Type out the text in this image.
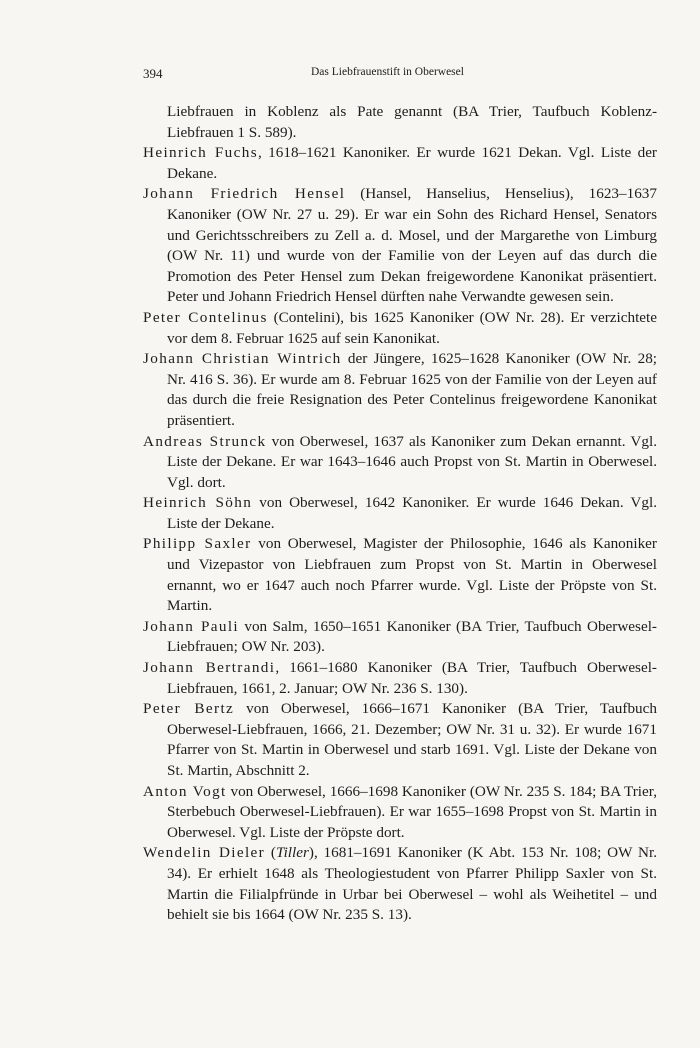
394	Das Liebfrauenstift in Oberwesel

Liebfrauen in Koblenz als Pate genannt (BA Trier, Taufbuch Koblenz-Liebfrauen 1 S. 589).

Heinrich Fuchs, 1618–1621 Kanoniker. Er wurde 1621 Dekan. Vgl. Liste der Dekane.

Johann Friedrich Hensel (Hansel, Hanselius, Henselius), 1623–1637 Kanoniker (OW Nr. 27 u. 29). Er war ein Sohn des Richard Hensel, Senators und Gerichtsschreibers zu Zell a. d. Mosel, und der Margarethe von Limburg (OW Nr. 11) und wurde von der Familie von der Leyen auf das durch die Promotion des Peter Hensel zum Dekan freigewordene Kanonikat präsentiert. Peter und Johann Friedrich Hensel dürften nahe Verwandte gewesen sein.

Peter Contelinus (Contelini), bis 1625 Kanoniker (OW Nr. 28). Er verzichtete vor dem 8. Februar 1625 auf sein Kanonikat.

Johann Christian Wintrich der Jüngere, 1625–1628 Kanoniker (OW Nr. 28; Nr. 416 S. 36). Er wurde am 8. Februar 1625 von der Familie von der Leyen auf das durch die freie Resignation des Peter Contelinus freigewordene Kanonikat präsentiert.

Andreas Strunck von Oberwesel, 1637 als Kanoniker zum Dekan ernannt. Vgl. Liste der Dekane. Er war 1643–1646 auch Propst von St. Martin in Oberwesel. Vgl. dort.

Heinrich Söhn von Oberwesel, 1642 Kanoniker. Er wurde 1646 Dekan. Vgl. Liste der Dekane.

Philipp Saxler von Oberwesel, Magister der Philosophie, 1646 als Kanoniker und Vizepastor von Liebfrauen zum Propst von St. Martin in Oberwesel ernannt, wo er 1647 auch noch Pfarrer wurde. Vgl. Liste der Pröpste von St. Martin.

Johann Pauli von Salm, 1650–1651 Kanoniker (BA Trier, Taufbuch Oberwesel-Liebfrauen; OW Nr. 203).

Johann Bertrandi, 1661–1680 Kanoniker (BA Trier, Taufbuch Oberwesel-Liebfrauen, 1661, 2. Januar; OW Nr. 236 S. 130).

Peter Bertz von Oberwesel, 1666–1671 Kanoniker (BA Trier, Taufbuch Oberwesel-Liebfrauen, 1666, 21. Dezember; OW Nr. 31 u. 32). Er wurde 1671 Pfarrer von St. Martin in Oberwesel und starb 1691. Vgl. Liste der Dekane von St. Martin, Abschnitt 2.

Anton Vogt von Oberwesel, 1666–1698 Kanoniker (OW Nr. 235 S. 184; BA Trier, Sterbebuch Oberwesel-Liebfrauen). Er war 1655–1698 Propst von St. Martin in Oberwesel. Vgl. Liste der Pröpste dort.

Wendelin Dieler (Tiller), 1681–1691 Kanoniker (K Abt. 153 Nr. 108; OW Nr. 34). Er erhielt 1648 als Theologiestudent von Pfarrer Philipp Saxler von St. Martin die Filialpfründe in Urbar bei Oberwesel – wohl als Weihetitel – und behielt sie bis 1664 (OW Nr. 235 S. 13).
